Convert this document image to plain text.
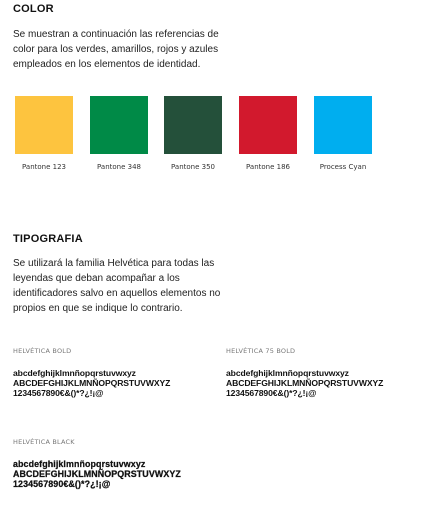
COLOR
Se muestran a continuación las referencias de
color para los verdes, amarillos, rojos y azules
empleados en los elementos de identidad.
Pantone 123	Pantone 348	Pantone 350	Pantone 186	Process Cyan
TIPOGRAFIA
Se utilizará la familia Helvética para todas las
leyendas que deban acompañar a los
identificadores salvo en aquellos elementos no
propios en que se indique lo contrario.
HELVÉTICA BOLD
abcdefghijklmnñopqrstuvwxyz
ABCDEFGHIJKLMNÑOPQRSTUVWXYZ
1234567890€&()*?¿!¡@
HELVÉTICA 75 BOLD
abcdefghijklmnñopqrstuvwxyz
ABCDEFGHIJKLMNÑOPQRSTUVWXYZ
1234567890€&()*?¿!¡@
HELVÉTICA BLACK
abcdefghijklmnñopqrstuvwxyz
ABCDEFGHIJKLMNÑOPQRSTUVWXYZ
1234567890€&()*?¿!¡@
